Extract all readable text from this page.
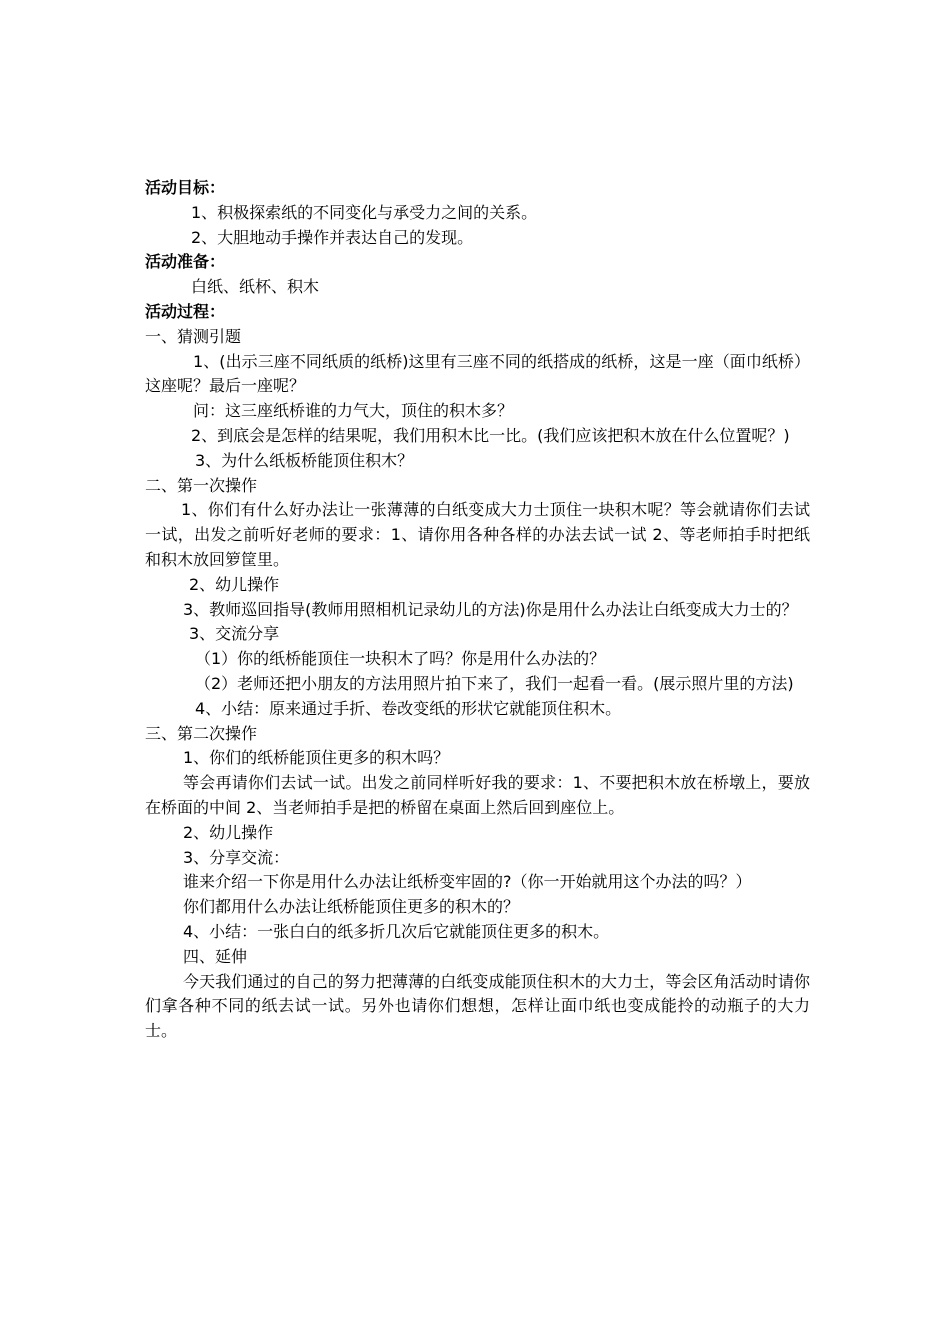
活动目标：
1、积极探索纸的不同变化与承受力之间的关系。
2、大胆地动手操作并表达自己的发现。
活动准备：
白纸、纸杯、积木
活动过程：
一、猜测引题
1、(出示三座不同纸质的纸桥)这里有三座不同的纸搭成的纸桥，这是一座（面巾纸桥）这座呢？最后一座呢？
问：这三座纸桥谁的力气大，顶住的积木多？
2、到底会是怎样的结果呢，我们用积木比一比。(我们应该把积木放在什么位置呢？)
3、为什么纸板桥能顶住积木？
二、第一次操作
1、你们有什么好办法让一张薄薄的白纸变成大力士顶住一块积木呢？等会就请你们去试一试，出发之前听好老师的要求：1、请你用各种各样的办法去试一试 2、等老师拍手时把纸和积木放回箩筐里。
2、幼儿操作
3、教师巡回指导(教师用照相机记录幼儿的方法)你是用什么办法让白纸变成大力士的？
3、交流分享
（1）你的纸桥能顶住一块积木了吗？你是用什么办法的？
（2）老师还把小朋友的方法用照片拍下来了，我们一起看一看。(展示照片里的方法)
4、小结：原来通过手折、卷改变纸的形状它就能顶住积木。
三、第二次操作
1、你们的纸桥能顶住更多的积木吗？
等会再请你们去试一试。出发之前同样听好我的要求：1、不要把积木放在桥墩上，要放在桥面的中间 2、当老师拍手是把的桥留在桌面上然后回到座位上。
2、幼儿操作
3、分享交流：
谁来介绍一下你是用什么办法让纸桥变牢固的?（你一开始就用这个办法的吗？）
你们都用什么办法让纸桥能顶住更多的积木的？
4、小结：一张白白的纸多折几次后它就能顶住更多的积木。
四、延伸
今天我们通过的自己的努力把薄薄的白纸变成能顶住积木的大力士，等会区角活动时请你们拿各种不同的纸去试一试。另外也请你们想想，怎样让面巾纸也变成能拎的动瓶子的大力士。
